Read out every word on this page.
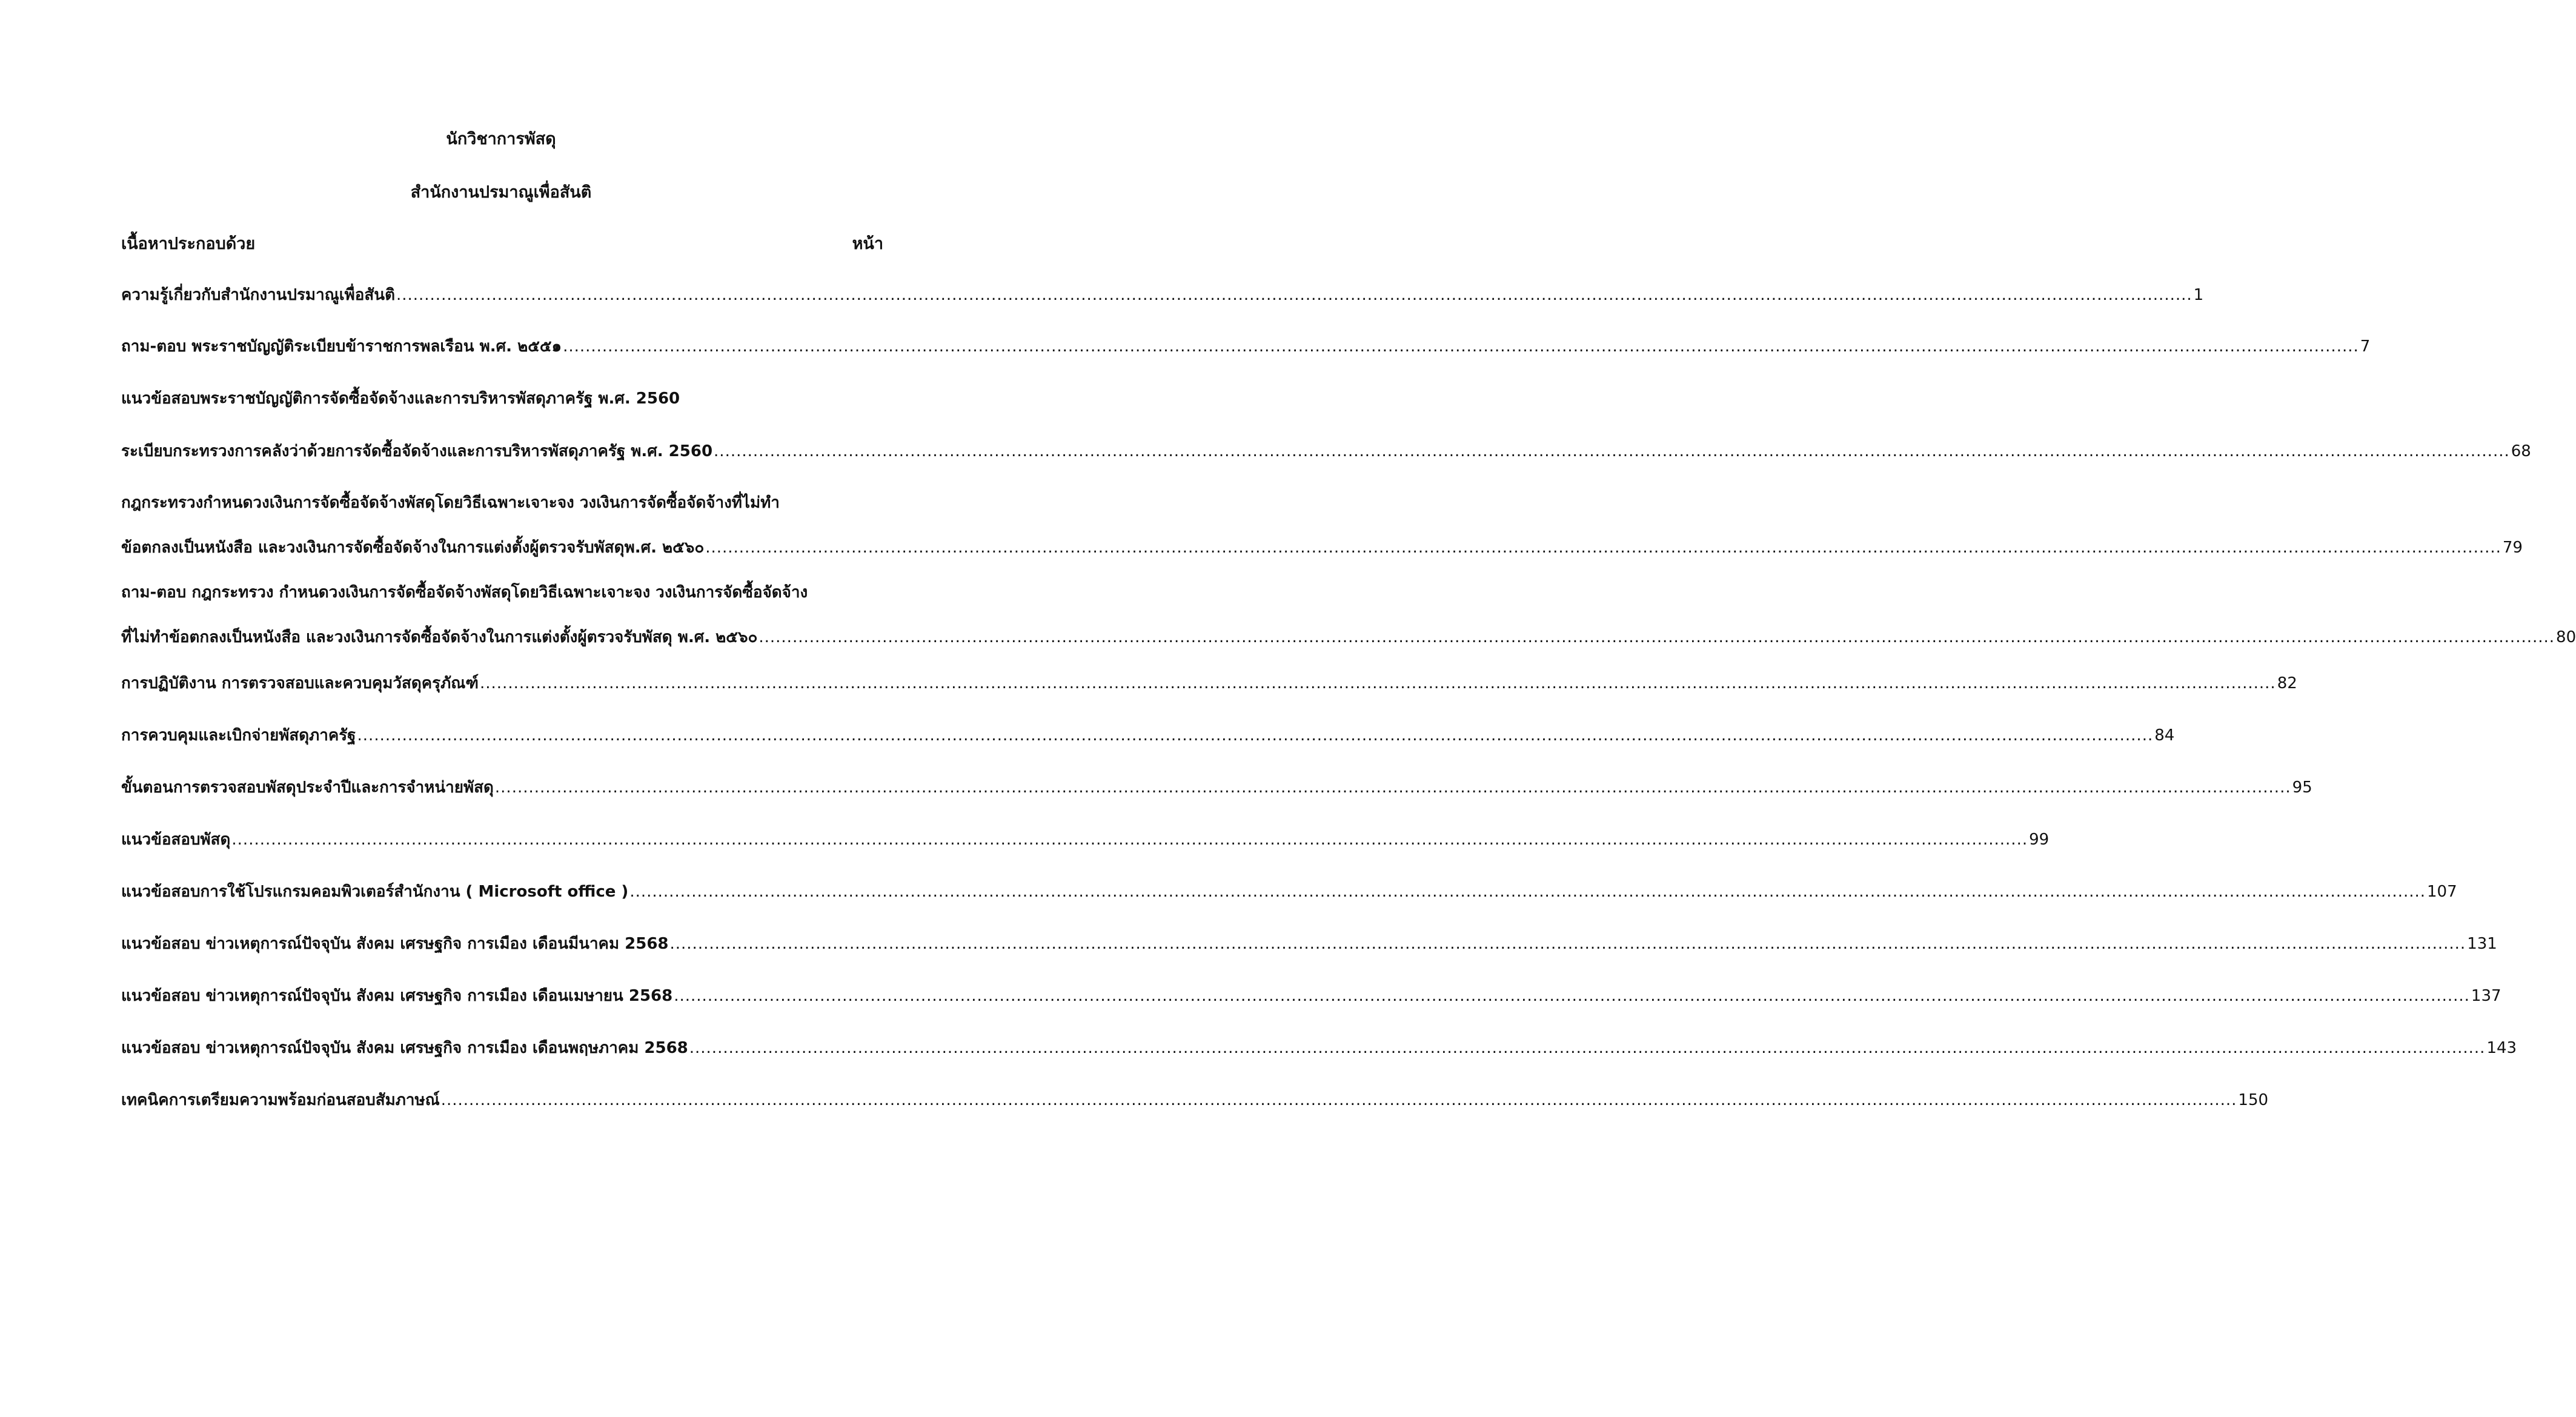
นักวิชาการพัสดุ
สำนักงานปรมาณูเพื่อสันติ
เนื้อหาประกอบด้วย	หน้า
ความรู้เกี่ยวกับสำนักงานปรมาณูเพื่อสันติ .....	1
ถาม-ตอบ พระราชบัญญัติระเบียบข้าราชการพลเรือน พ.ศ. ๒๕๕๑ .....	7
แนวข้อสอบพระราชบัญญัติการจัดซื้อจัดจ้างและการบริหารพัสดุภาครัฐ พ.ศ. 2560
ระเบียบกระทรวงการคลังว่าด้วยการจัดซื้อจัดจ้างและการบริหารพัสดุภาครัฐ พ.ศ. 2560 .....	68
กฎกระทรวงกำหนดวงเงินการจัดซื้อจัดจ้างพัสดุโดยวิธีเฉพาะเจาะจง วงเงินการจัดซื้อจัดจ้างที่ไม่ทำ
ข้อตกลงเป็นหนังสือ และวงเงินการจัดซื้อจัดจ้างในการแต่งตั้งผู้ตรวจรับพัสดุพ.ศ. ๒๕๖๐ .....	79
ถาม-ตอบ กฎกระทรวง กำหนดวงเงินการจัดซื้อจัดจ้างพัสดุโดยวิธีเฉพาะเจาะจง วงเงินการจัดซื้อจัดจ้าง
ที่ไม่ทำข้อตกลงเป็นหนังสือ และวงเงินการจัดซื้อจัดจ้างในการแต่งตั้งผู้ตรวจรับพัสดุ พ.ศ. ๒๕๖๐ .....	80
การปฏิบัติงาน การตรวจสอบและควบคุมวัสดุครุภัณฑ์ .....	82
การควบคุมและเบิกจ่ายพัสดุภาครัฐ .....	84
ขั้นตอนการตรวจสอบพัสดุประจำปีและการจำหน่ายพัสดุ .....	95
แนวข้อสอบพัสดุ .....	99
แนวข้อสอบการใช้โปรแกรมคอมพิวเตอร์สำนักงาน ( Microsoft office ) .....	107
แนวข้อสอบ ข่าวเหตุการณ์ปัจจุบัน สังคม เศรษฐกิจ การเมือง เดือนมีนาคม 2568 .....	131
แนวข้อสอบ ข่าวเหตุการณ์ปัจจุบัน สังคม เศรษฐกิจ การเมือง เดือนเมษายน 2568 .....	137
แนวข้อสอบ ข่าวเหตุการณ์ปัจจุบัน สังคม เศรษฐกิจ การเมือง เดือนพฤษภาคม 2568 .....	143
เทคนิคการเตรียมความพร้อมก่อนสอบสัมภาษณ์ .....	150
